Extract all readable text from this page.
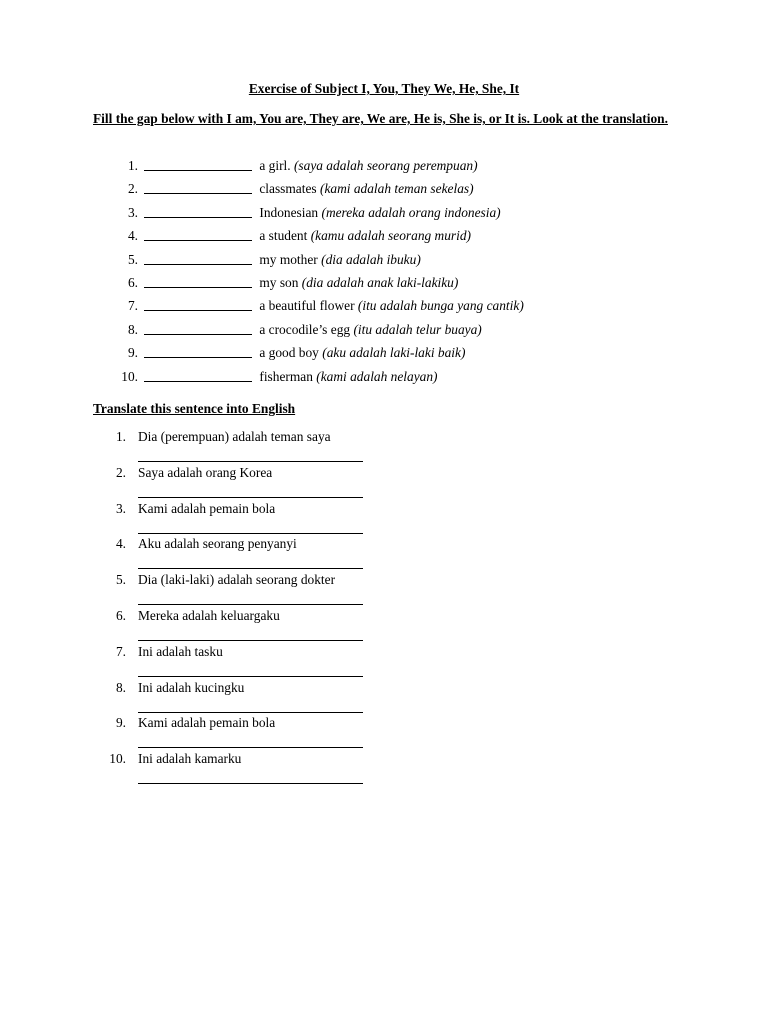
Exercise of Subject I, You, They We, He, She, It
Fill the gap below with I am, You are, They are, We are, He is, She is, or It is. Look at the translation.
1.	a girl. (saya adalah seorang perempuan)
2.	classmates (kami adalah teman sekelas)
3.	Indonesian (mereka adalah orang indonesia)
4.	a student (kamu adalah seorang murid)
5.	my mother (dia adalah ibuku)
6.	my son (dia adalah anak laki-lakiku)
7.	a beautiful flower (itu adalah bunga yang cantik)
8.	a crocodile’s egg (itu adalah telur buaya)
9.	a good boy (aku adalah laki-laki baik)
10.	fisherman (kami adalah nelayan)
Translate this sentence into English
1. Dia (perempuan) adalah teman saya
2. Saya adalah orang Korea
3. Kami adalah pemain bola
4. Aku adalah seorang penyanyi
5. Dia (laki-laki) adalah seorang dokter
6. Mereka adalah keluargaku
7. Ini adalah tasku
8. Ini adalah kucingku
9. Kami adalah pemain bola
10. Ini adalah kamarku
